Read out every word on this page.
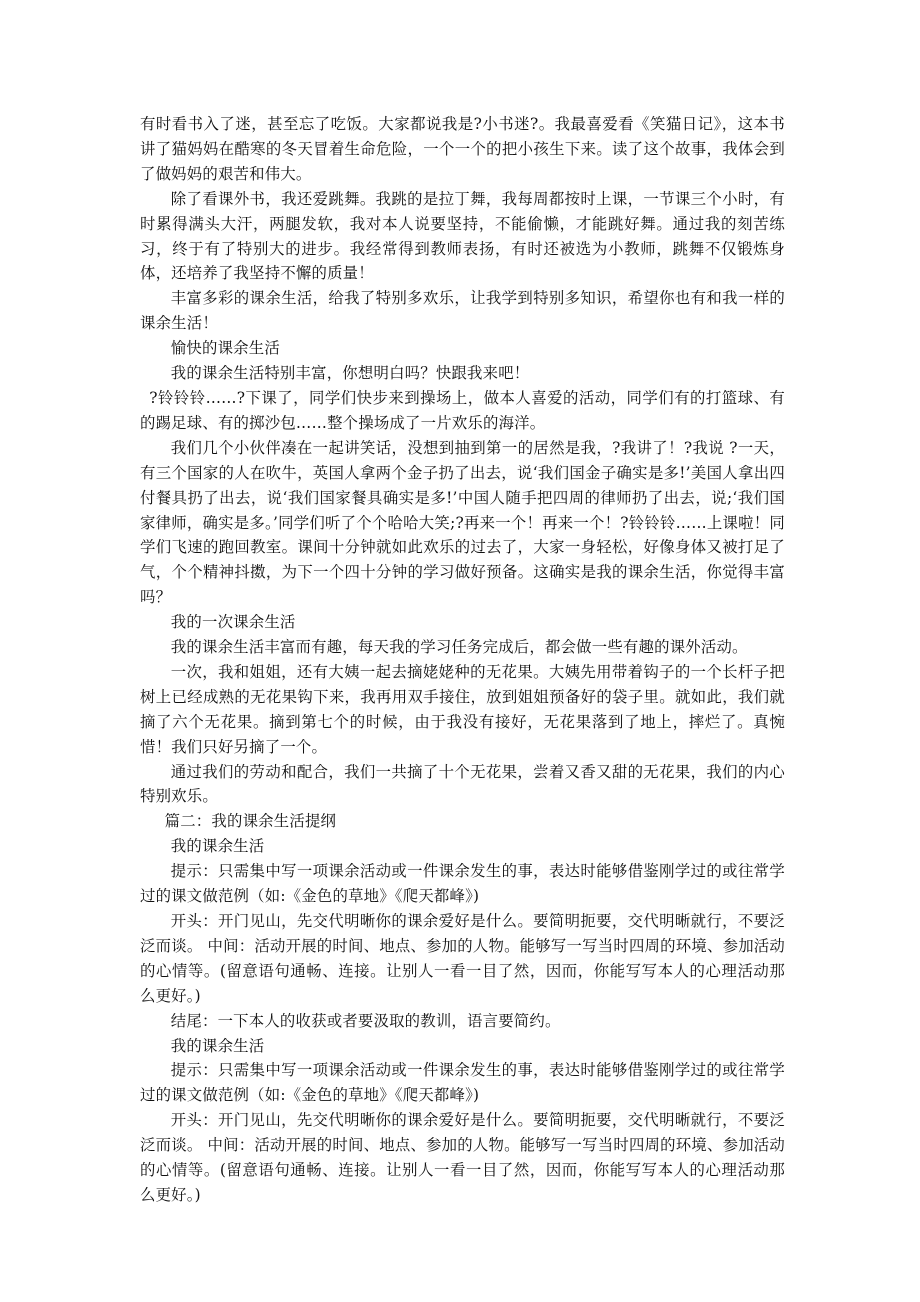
有时看书入了迷，甚至忘了吃饭。大家都说我是?小书迷?。我最喜爱看《笑猫日记》，这本书讲了猫妈妈在酷寒的冬天冒着生命危险，一个一个的把小孩生下来。读了这个故事，我体会到了做妈妈的艰苦和伟大。

除了看课外书，我还爱跳舞。我跳的是拉丁舞，我每周都按时上课，一节课三个小时，有时累得满头大汗，两腿发软，我对本人说要坚持，不能偷懒，才能跳好舞。通过我的刻苦练习，终于有了特别大的进步。我经常得到教师表扬，有时还被选为小教师，跳舞不仅锻炼身体，还培养了我坚持不懈的质量！

丰富多彩的课余生活，给我了特别多欢乐，让我学到特别多知识，希望你也有和我一样的课余生活！

愉快的课余生活

我的课余生活特别丰富，你想明白吗？快跟我来吧！

?铃铃铃……?下课了，同学们快步来到操场上，做本人喜爱的活动，同学们有的打篮球、有的踢足球、有的掷沙包……整个操场成了一片欢乐的海洋。

我们几个小伙伴凑在一起讲笑话，没想到抽到第一的居然是我，?我讲了！?我说 ?一天，有三个国家的人在吹牛，英国人拿两个金子扔了出去，说‘我们国金子确实是多!’美国人拿出四付餐具扔了出去，说‘我们国家餐具确实是多!’中国人随手把四周的律师扔了出去，说;‘我们国家律师，确实是多。’同学们听了个个哈哈大笑;?再来一个！再来一个！?铃铃铃……上课啦！同学们飞速的跑回教室。课间十分钟就如此欢乐的过去了，大家一身轻松，好像身体又被打足了气，个个精神抖擞，为下一个四十分钟的学习做好预备。这确实是我的课余生活，你觉得丰富吗？

我的一次课余生活

我的课余生活丰富而有趣，每天我的学习任务完成后，都会做一些有趣的课外活动。

一次，我和姐姐，还有大姨一起去摘姥姥种的无花果。大姨先用带着钩子的一个长杆子把树上已经成熟的无花果钩下来，我再用双手接住，放到姐姐预备好的袋子里。就如此，我们就摘了六个无花果。摘到第七个的时候，由于我没有接好，无花果落到了地上，摔烂了。真惋惜！我们只好另摘了一个。

通过我们的劳动和配合，我们一共摘了十个无花果，尝着又香又甜的无花果，我们的内心特别欢乐。

篇二：我的课余生活提纲

我的课余生活

提示：只需集中写一项课余活动或一件课余发生的事，表达时能够借鉴刚学过的或往常学过的课文做范例（如:《金色的草地》《爬天都峰》)

开头：开门见山，先交代明晰你的课余爱好是什么。要简明扼要，交代明晰就行，不要泛泛而谈。 中间：活动开展的时间、地点、参加的人物。能够写一写当时四周的环境、参加活动的心情等。(留意语句通畅、连接。让别人一看一目了然，因而，你能写写本人的心理活动那么更好。)

结尾：一下本人的收获或者要汲取的教训，语言要简约。

我的课余生活

提示：只需集中写一项课余活动或一件课余发生的事，表达时能够借鉴刚学过的或往常学过的课文做范例（如:《金色的草地》《爬天都峰》)

开头：开门见山，先交代明晰你的课余爱好是什么。要简明扼要，交代明晰就行，不要泛泛而谈。 中间：活动开展的时间、地点、参加的人物。能够写一写当时四周的环境、参加活动的心情等。(留意语句通畅、连接。让别人一看一目了然，因而，你能写写本人的心理活动那么更好。)
